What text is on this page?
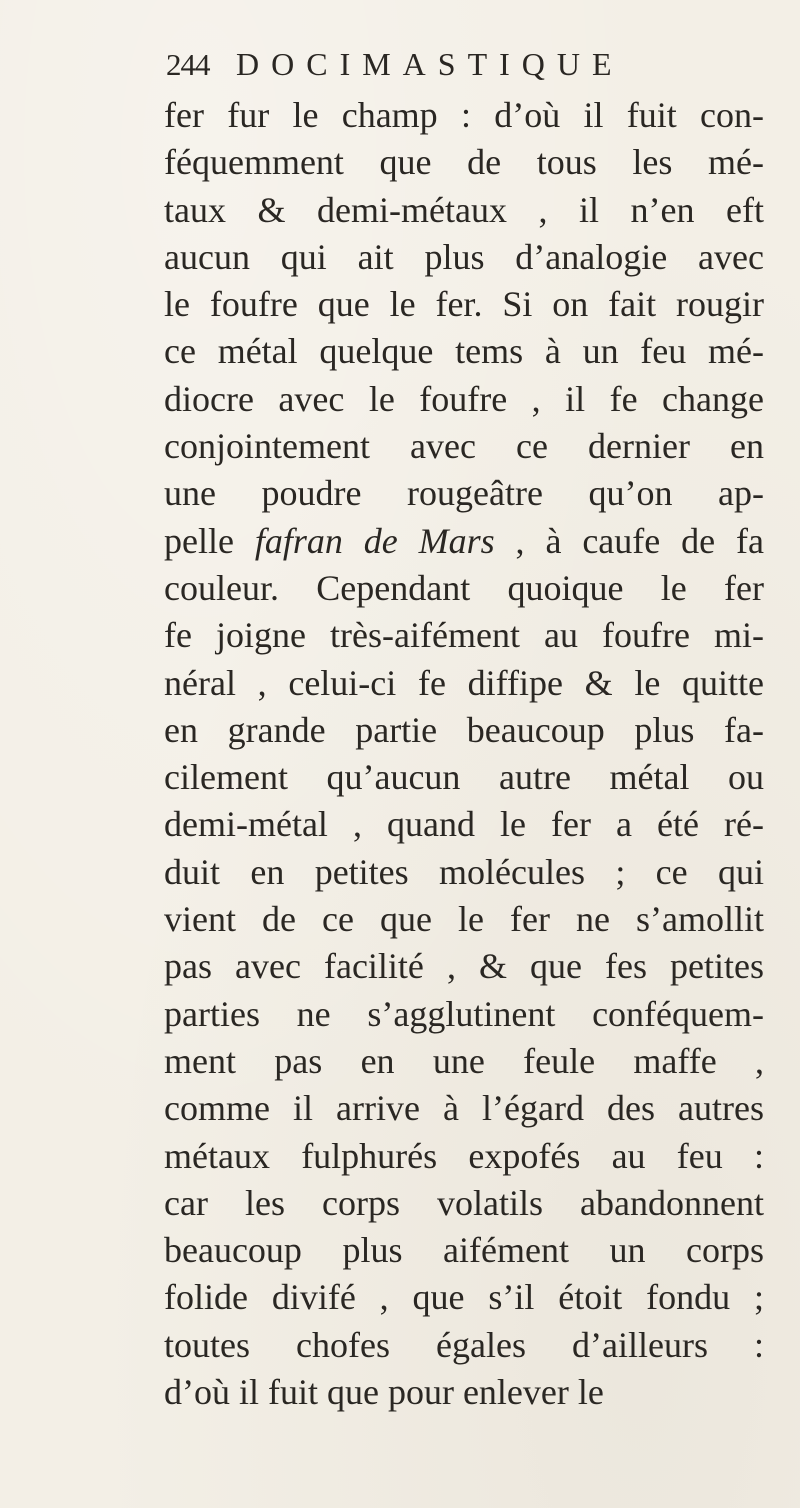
244 DOCIMASTIQUE
fer fur le champ : d’où il fuit con-
féquemment que de tous les mé-
taux & demi-métaux , il n’en eft
aucun qui ait plus d’analogie avec
le foufre que le fer. Si on fait rougir
ce métal quelque tems à un feu mé-
diocre avec le foufre , il fe change
conjointement avec ce dernier en
une poudre rougeâtre qu’on ap-
pelle fafran de Mars , à caufe de fa
couleur. Cependant quoique le fer
fe joigne très-aifément au foufre mi-
néral , celui-ci fe diffipe & le quitte
en grande partie beaucoup plus fa-
cilement qu’aucun autre métal ou
demi-métal , quand le fer a été ré-
duit en petites molécules ; ce qui
vient de ce que le fer ne s’amollit
pas avec facilité , & que fes petites
parties ne s’agglutinent conféquem-
ment pas en une feule maffe ,
comme il arrive à l’égard des autres
métaux fulphurés expofés au feu :
car les corps volatils abandonnent
beaucoup plus aifément un corps
folide divifé , que s’il étoit fondu ;
toutes chofes égales d’ailleurs :
d’où il fuit que pour enlever le
